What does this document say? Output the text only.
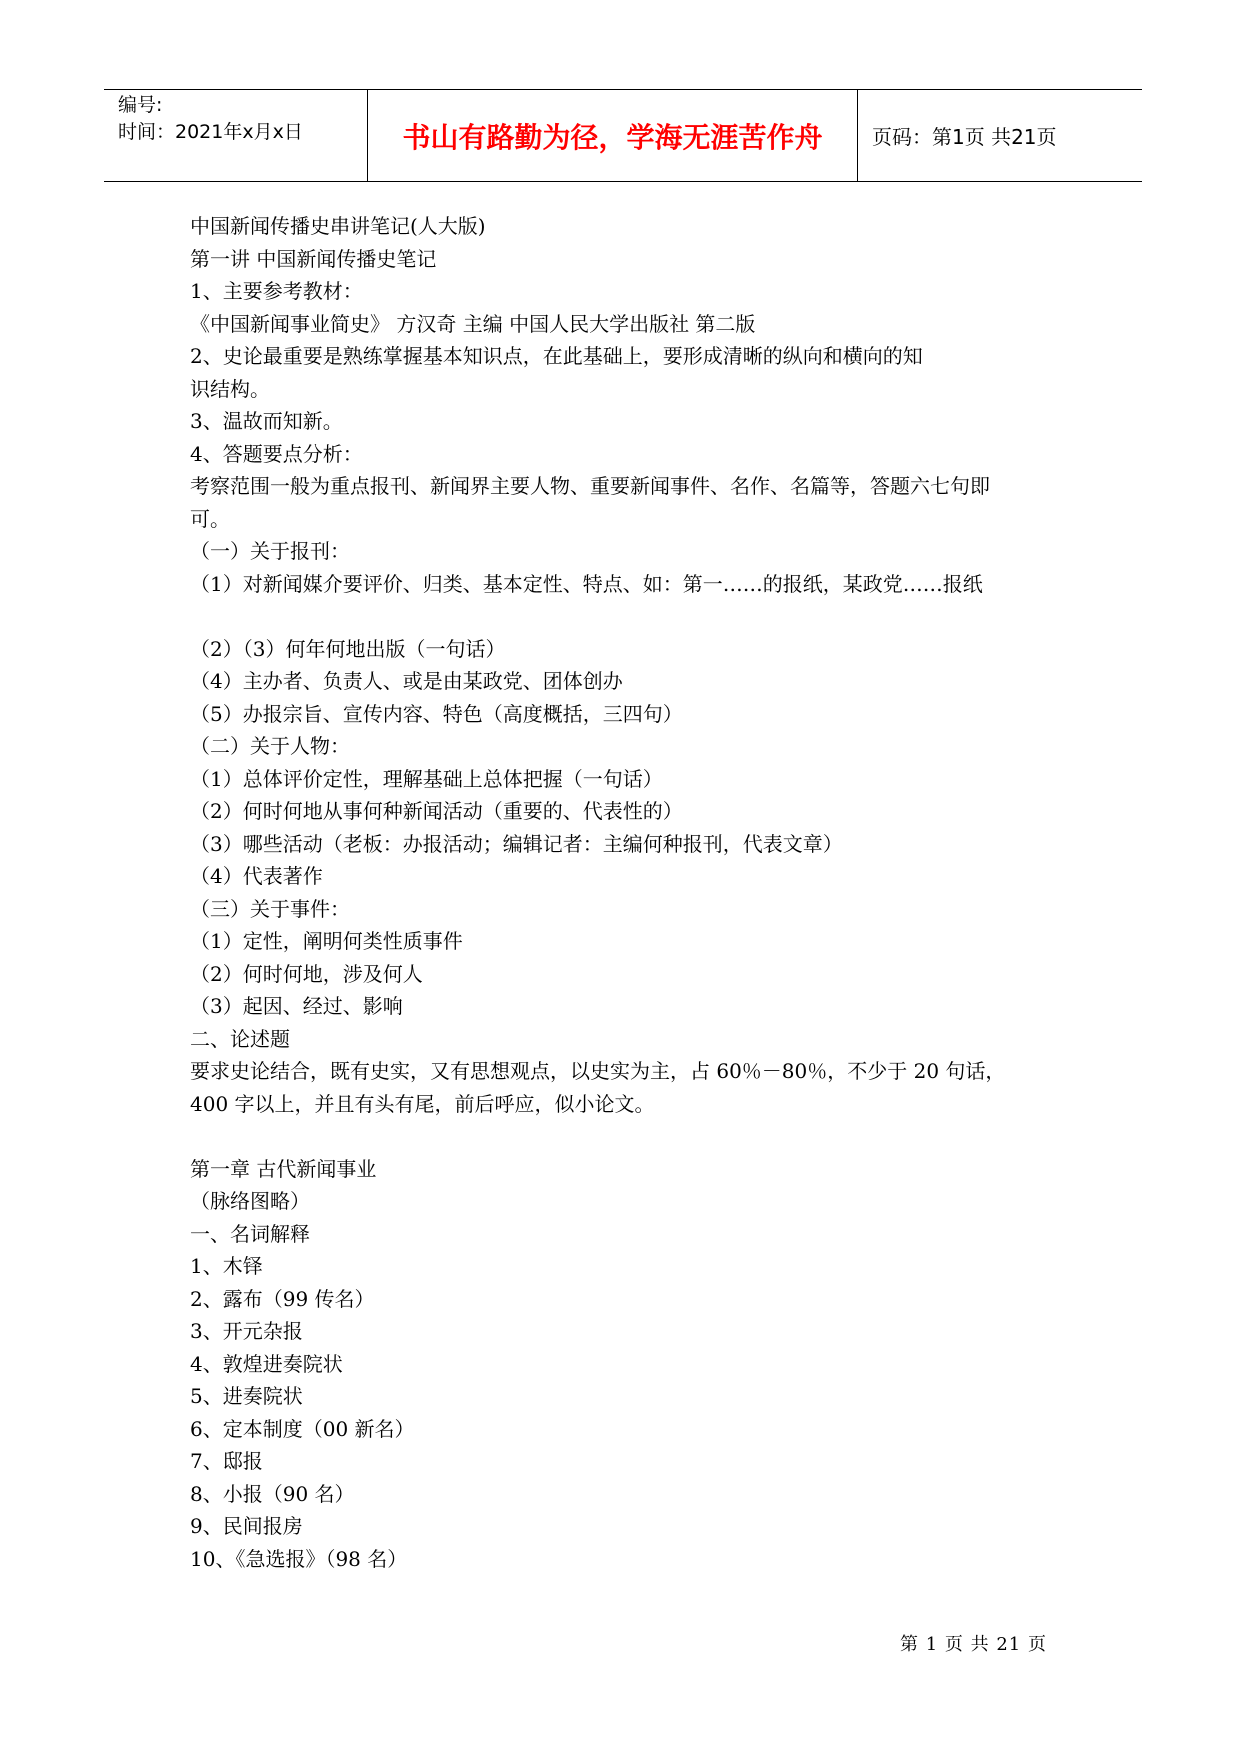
编号:
时间：2021年x月x日	书山有路勤为径，学海无涯苦作舟 页码：第1页 共21页

中国新闻传播史串讲笔记(人大版)

第一讲 中国新闻传播史笔记

1、主要参考教材：

《中国新闻事业简史》 方汉奇 主编 中国人民大学出版社 第二版

2、史论最重要是熟练掌握基本知识点，在此基础上，要形成清晰的纵向和横向的知

识结构。

3、温故而知新。

4、答题要点分析：

考察范围一般为重点报刊、新闻界主要人物、重要新闻事件、名作、名篇等，答题六七句即

可。

（一）关于报刊：

（1）对新闻媒介要评价、归类、基本定性、特点、如：第一……的报纸，某政党……报纸

（2）（3）何年何地出版（一句话）

（4）主办者、负责人、或是由某政党、团体创办

（5）办报宗旨、宣传内容、特色（高度概括，三四句）

（二）关于人物：

（1）总体评价定性，理解基础上总体把握（一句话）

（2）何时何地从事何种新闻活动（重要的、代表性的）

（3）哪些活动（老板：办报活动；编辑记者：主编何种报刊，代表文章）

（4）代表著作

（三）关于事件：

（1）定性，阐明何类性质事件

（2）何时何地，涉及何人

（3）起因、经过、影响

二、论述题

要求史论结合，既有史实，又有思想观点，以史实为主，占 60％－80％，不少于 20 句话，

400 字以上，并且有头有尾，前后呼应，似小论文。

第一章 古代新闻事业

（脉络图略）

一、名词解释

1、木铎

2、露布（99 传名）

3、开元杂报

4、敦煌进奏院状

5、进奏院状

6、定本制度（00 新名）

7、邸报

8、小报（90 名）

9、民间报房

10、《急选报》（98 名）

第 1 页 共 21 页
